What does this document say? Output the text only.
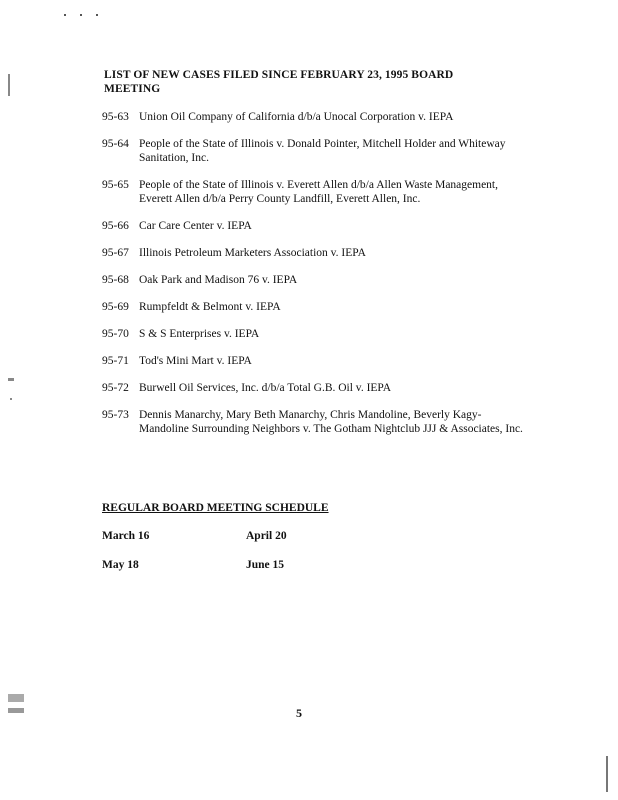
LIST OF NEW CASES FILED SINCE FEBRUARY 23, 1995 BOARD MEETING
95-63 Union Oil Company of California d/b/a Unocal Corporation v. IEPA
95-64 People of the State of Illinois v. Donald Pointer, Mitchell Holder and Whiteway Sanitation, Inc.
95-65 People of the State of Illinois v. Everett Allen d/b/a Allen Waste Management, Everett Allen d/b/a Perry County Landfill, Everett Allen, Inc.
95-66 Car Care Center v. IEPA
95-67 Illinois Petroleum Marketers Association v. IEPA
95-68 Oak Park and Madison 76 v. IEPA
95-69 Rumpfeldt & Belmont v. IEPA
95-70 S & S Enterprises v. IEPA
95-71 Tod's Mini Mart v. IEPA
95-72 Burwell Oil Services, Inc. d/b/a Total G.B. Oil v. IEPA
95-73 Dennis Manarchy, Mary Beth Manarchy, Chris Mandoline, Beverly Kagy-Mandoline Surrounding Neighbors v. The Gotham Nightclub JJJ & Associates, Inc.
REGULAR BOARD MEETING SCHEDULE
March 16	April 20
May 18	June 15
5
